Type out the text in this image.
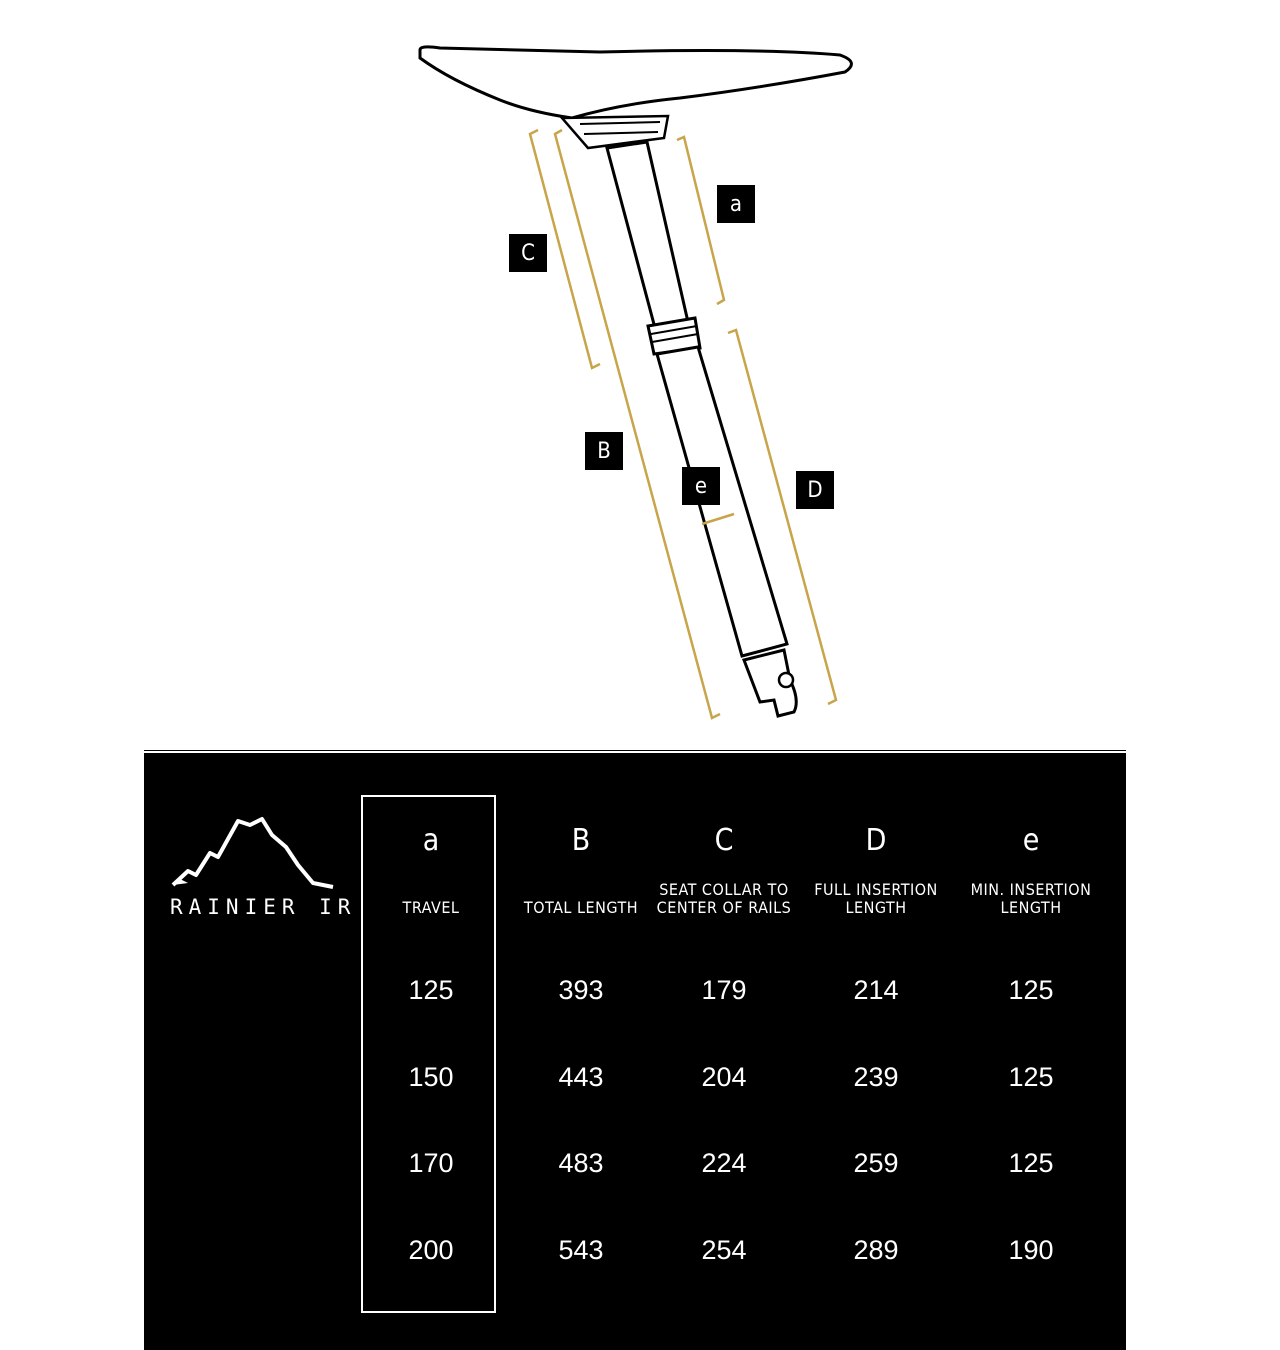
a
C
B
e	D
RAINIER IR
a
TRAVEL
125
150
170
200
B
TOTAL LENGTH
393
443
483
543
C
SEAT COLLAR TO CENTER OF RAILS
179
204
224
254
D
FULL INSERTION LENGTH
214
239
259
289
e
MIN. INSERTION LENGTH
125
125
125
190
